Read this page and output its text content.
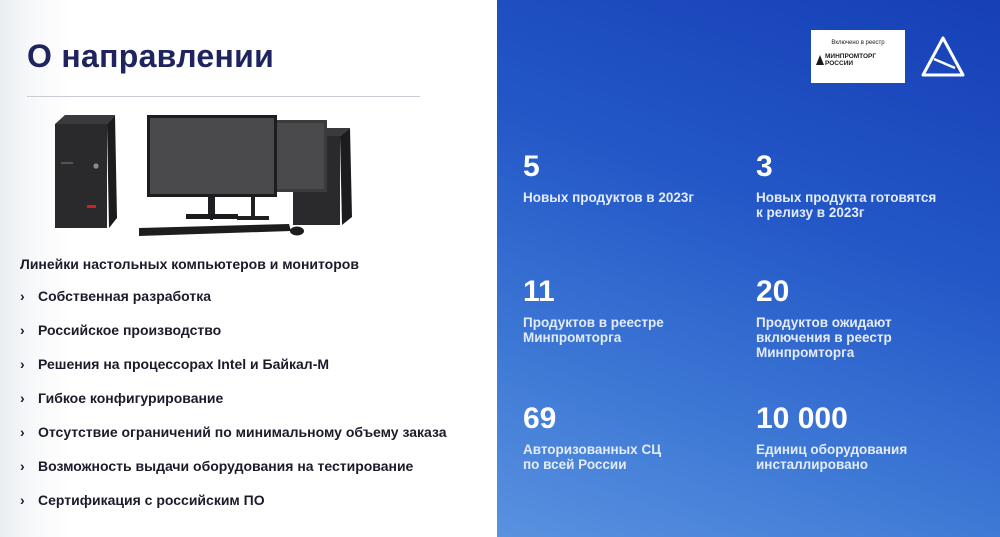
О направлении
Линейки настольных компьютеров и мониторов
› Собственная разработка
› Российское производство
› Решения на процессорах Intel и Байкал-М
› Гибкое конфигурирование
› Отсутствие ограничений по минимальному объему заказа
› Возможность выдачи оборудования на тестирование
› Сертификация с российским ПО
Включено в реестр
МИНПРОМТОРГ РОССИИ
5
Новых продуктов в 2023г
3
Новых продукта готовятся
к релизу в 2023г
11
Продуктов в реестре
Минпромторга
20
Продуктов ожидают
включения в реестр
Минпромторга
69
Авторизованных СЦ
по всей России
10 000
Единиц оборудования
инсталлировано
